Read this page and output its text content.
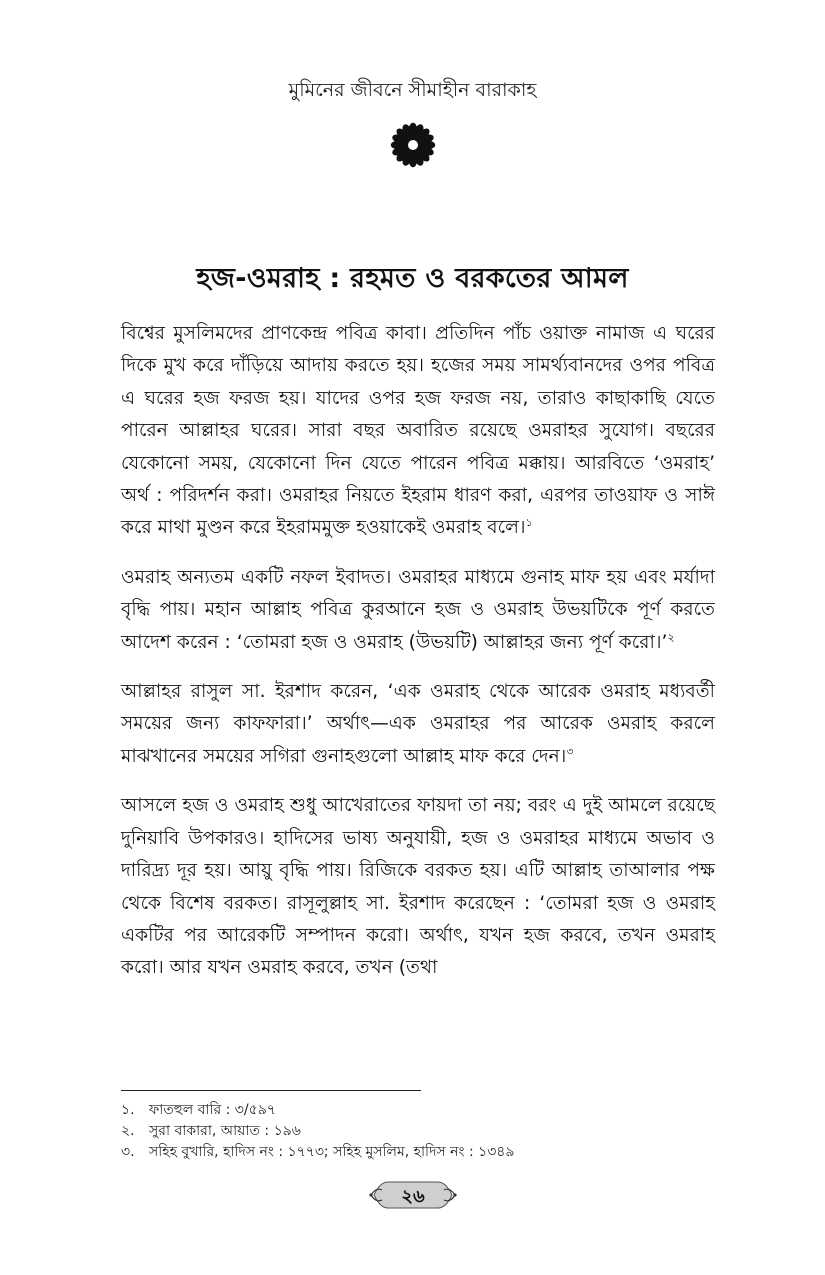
মুমিনের জীবনে সীমাহীন বারাকাহ
হজ-ওমরাহ : রহমত ও বরকতের আমল

বিশ্বের মুসলিমদের প্রাণকেন্দ্র পবিত্র কাবা। প্রতিদিন পাঁচ ওয়াক্ত নামাজ এ ঘরের দিকে মুখ করে দাঁড়িয়ে আদায় করতে হয়। হজের সময় সামর্থ্যবানদের ওপর পবিত্র এ ঘরের হজ ফরজ হয়। যাদের ওপর হজ ফরজ নয়, তারাও কাছাকাছি যেতে পারেন আল্লাহর ঘরের। সারা বছর অবারিত রয়েছে ওমরাহর সুযোগ। বছরের যেকোনো সময়, যেকোনো দিন যেতে পারেন পবিত্র মক্কায়। আরবিতে ‘ওমরাহ’ অর্থ : পরিদর্শন করা। ওমরাহর নিয়তে ইহরাম ধারণ করা, এরপর তাওয়াফ ও সাঈ করে মাথা মুণ্ডন করে ইহরামমুক্ত হওয়াকেই ওমরাহ বলে।$^১$

ওমরাহ অন্যতম একটি নফল ইবাদত। ওমরাহর মাধ্যমে গুনাহ মাফ হয় এবং মর্যাদা বৃদ্ধি পায়। মহান আল্লাহ পবিত্র কুরআনে হজ ও ওমরাহ উভয়টিকে পূর্ণ করতে আদেশ করেন : ‘তোমরা হজ ও ওমরাহ (উভয়টি) আল্লাহর জন্য পূর্ণ করো।’$^২$

আল্লাহর রাসুল সা. ইরশাদ করেন, ‘এক ওমরাহ থেকে আরেক ওমরাহ মধ্যবর্তী সময়ের জন্য কাফফারা।’ অর্থাৎ—এক ওমরাহর পর আরেক ওমরাহ করলে মাঝখানের সময়ের সগিরা গুনাহগুলো আল্লাহ মাফ করে দেন।$^৩$

আসলে হজ ও ওমরাহ শুধু আখেরাতের ফায়দা তা নয়; বরং এ দুই আমলে রয়েছে দুনিয়াবি উপকারও। হাদিসের ভাষ্য অনুযায়ী, হজ ও ওমরাহর মাধ্যমে অভাব ও দারিদ্র্য দূর হয়। আয়ু বৃদ্ধি পায়। রিজিকে বরকত হয়। এটি আল্লাহ তাআলার পক্ষ থেকে বিশেষ বরকত। রাসূলুল্লাহ সা. ইরশাদ করেছেন : ‘তোমরা হজ ও ওমরাহ একটির পর আরেকটি সম্পাদন করো। অর্থাৎ, যখন হজ করবে, তখন ওমরাহ করো। আর যখন ওমরাহ করবে, তখন (তথা

১.	ফাতহুল বারি : ৩/৫৯৭
২.	সুরা বাকারা, আয়াত : ১৯৬
৩.	সহিহ বুখারি, হাদিস নং : ১৭৭৩; সহিহ মুসলিম, হাদিস নং : ১৩৪৯
২৬
